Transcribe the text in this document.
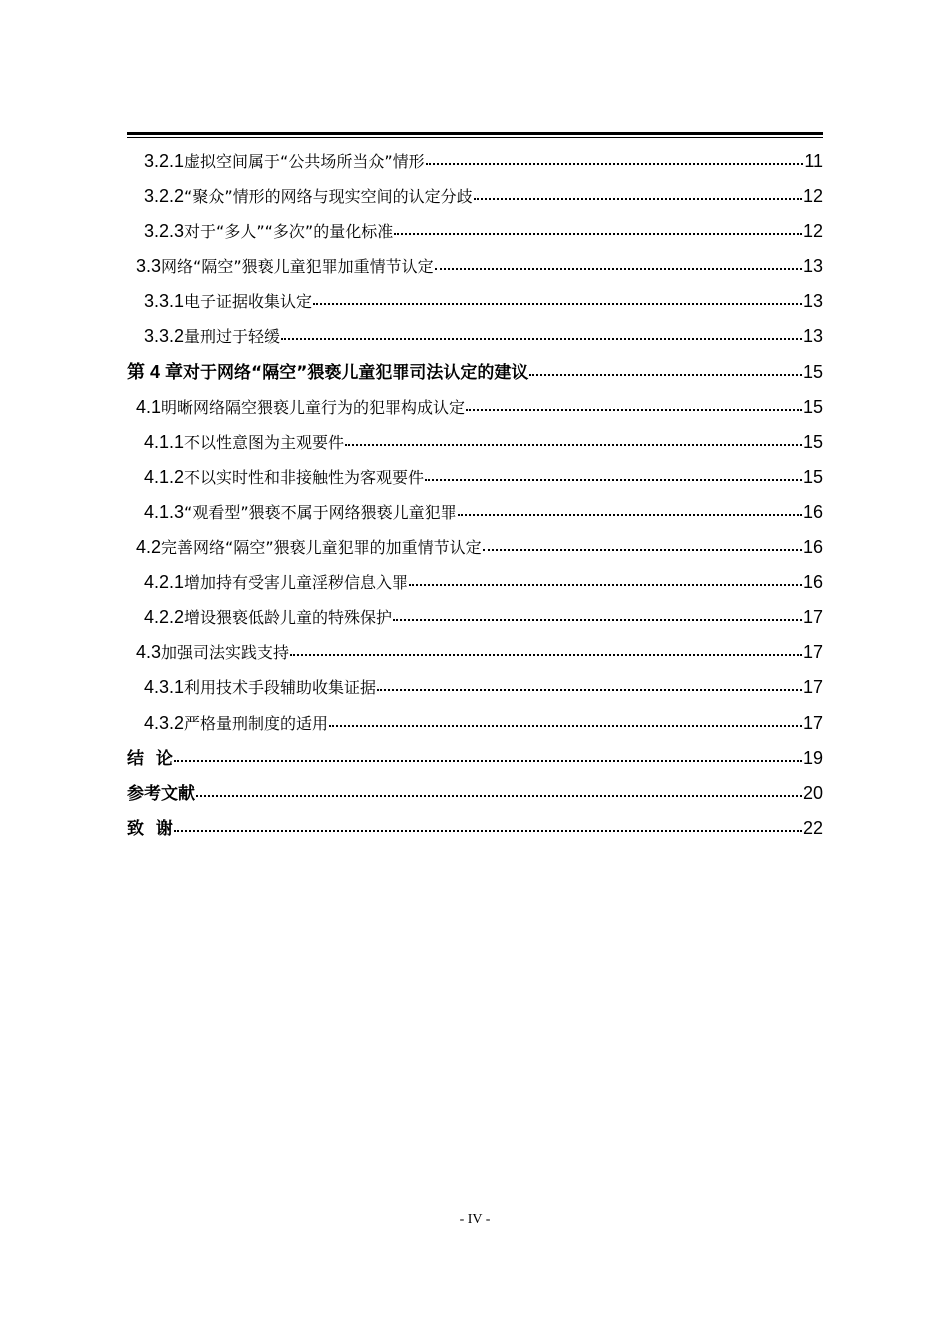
3.2.1 虚拟空间属于“公共场所当众”情形	11
3.2.2 “聚众”情形的网络与现实空间的认定分歧	12
3.2.3 对于“多人”“多次”的量化标准	12
3.3 网络“隔空”猥亵儿童犯罪加重情节认定	13
3.3.1 电子证据收集认定	13
3.3.2 量刑过于轻缓	13
第 4 章 对于网络“隔空”猥亵儿童犯罪司法认定的建议	15
4.1 明晰网络隔空猥亵儿童行为的犯罪构成认定	15
4.1.1 不以性意图为主观要件	15
4.1.2 不以实时性和非接触性为客观要件	15
4.1.3 “观看型”猥亵不属于网络猥亵儿童犯罪	16
4.2 完善网络“隔空”猥亵儿童犯罪的加重情节认定	16
4.2.1 增加持有受害儿童淫秽信息入罪	16
4.2.2 增设猥亵低龄儿童的特殊保护	17
4.3 加强司法实践支持	17
4.3.1 利用技术手段辅助收集证据	17
4.3.2 严格量刑制度的适用	17
结  论	19
参考文献	20
致  谢	22
- IV -
